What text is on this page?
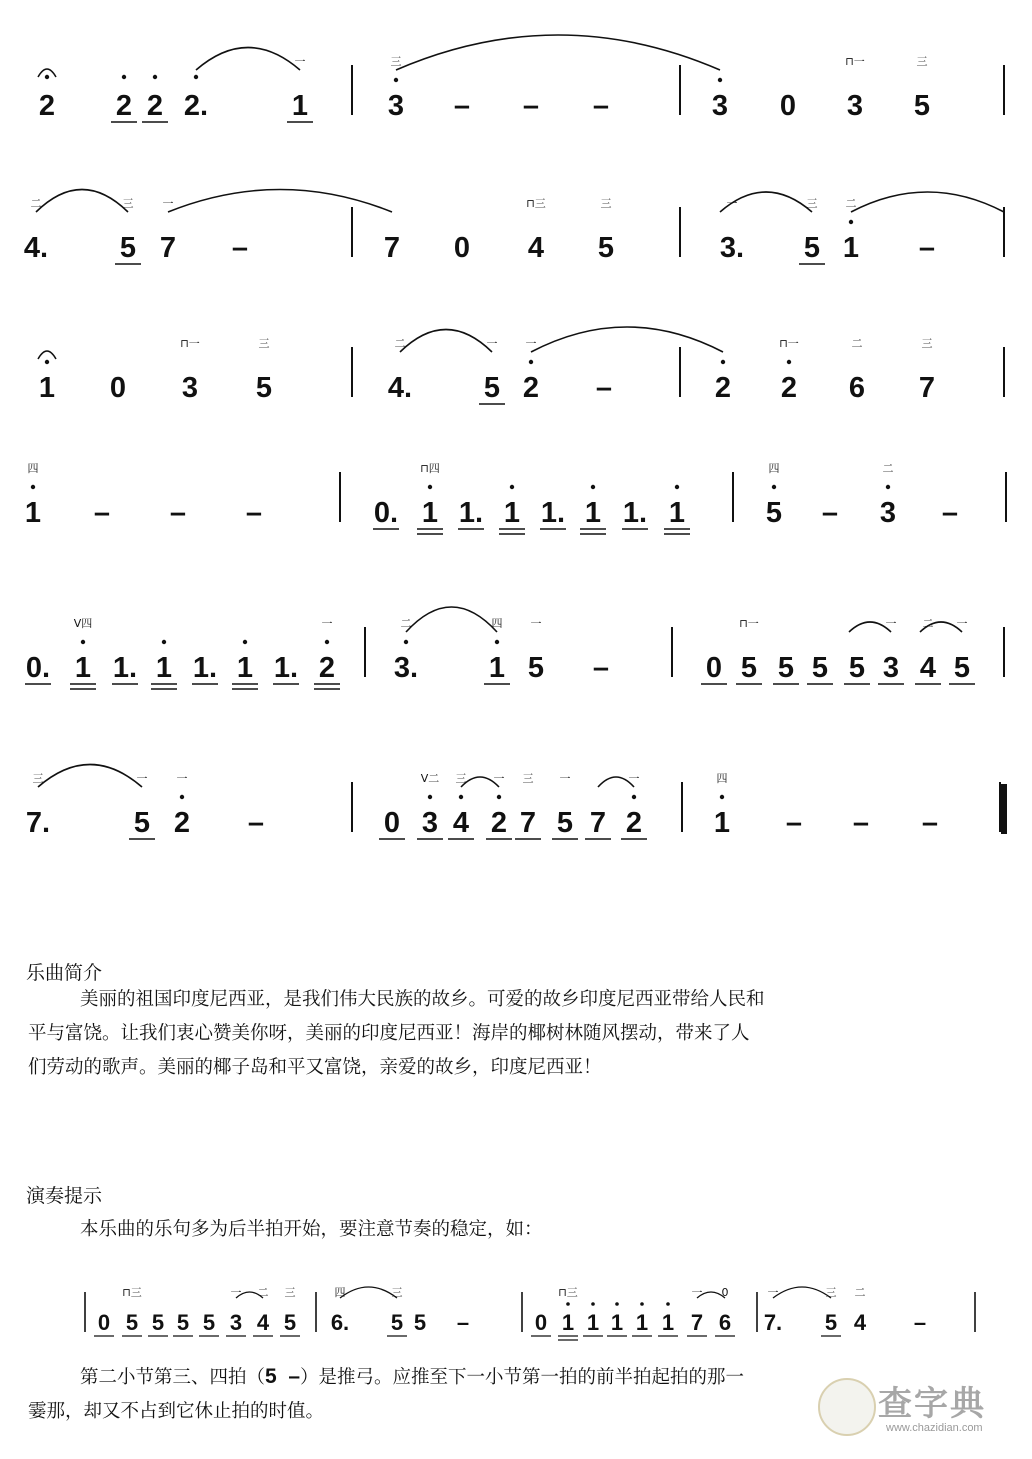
2 2 2 2.	1
一
3
三
– – –	3 0 3
⊓一
5
三
4.
二
5
三
7
一
–	7 0 4
⊓三
5
三
3.
一
5
三
1
二
–
1 0 3
⊓一
5
三
4.
二
5
一
2
一
–	2 2
⊓一
6
二
7
三
1
四
– – –	0. 1
⊓四
1. 1 1. 1 1. 1	5
四
– 3
二
–
0. 1
V四
1. 1 1. 1 1. 2
一
3.
二
1
四
5
一
–	0 5
⊓一
5 5 5 3
一
4
二
5
一
7.
三
5
一
2
一
–	0 3
V二
4
三
2
一
7
三
5
一
7 2
一
1
四
– – –
0 5
⊓三
5 5 5 3
一
4
二
5
三
6.
四
5
三
5 –	0 1
⊓三
1 1 1 1 7
一
6
0
7.
一
5
三
4
二
–
乐曲简介

美丽的祖国印度尼西亚，是我们伟大民族的故乡。可爱的故乡印度尼西亚带给人民和

平与富饶。让我们衷心赞美你呀，美丽的印度尼西亚！海岸的椰树林随风摆动，带来了人

们劳动的歌声。美丽的椰子岛和平又富饶，亲爱的故乡，印度尼西亚！

演奏提示
本乐曲的乐句多为后半拍开始，要注意节奏的稳定，如：
第二小节第三、四拍（5  –）是推弓。应推至下一小节第一拍的前半拍起拍的那一
霎那，却又不占到它休止拍的时值。	查字典
www.chazidian.com
